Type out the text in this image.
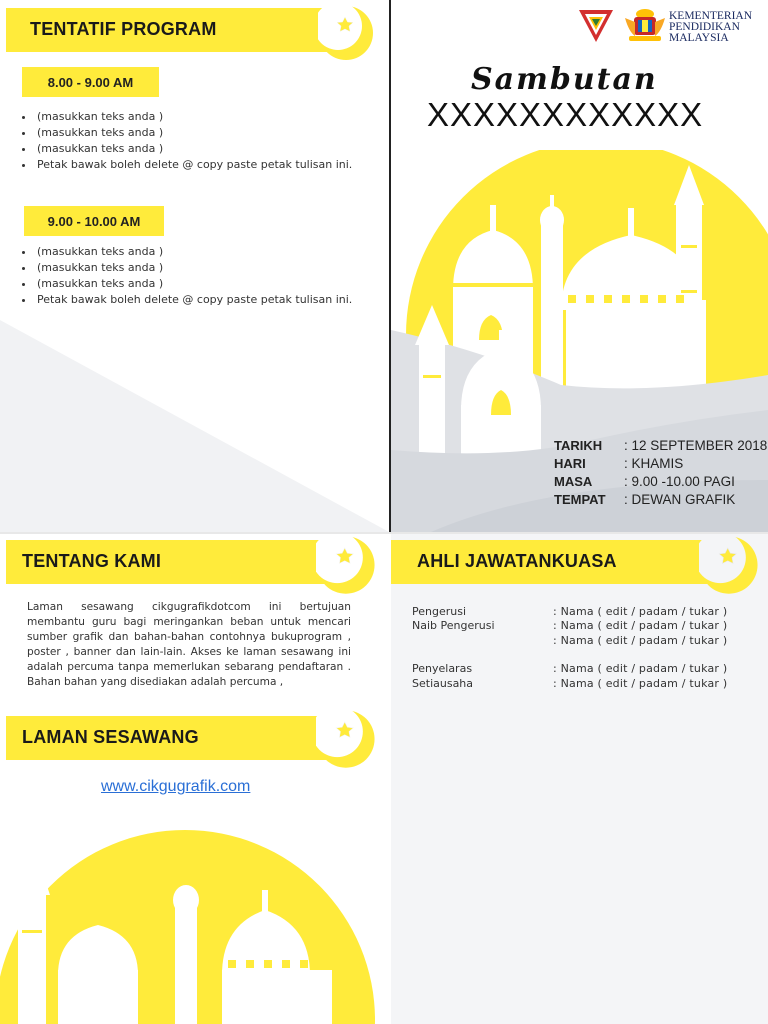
TENTATIF PROGRAM
8.00 - 9.00 AM
• (masukkan teks anda )
• (masukkan teks anda )
• (masukkan teks anda )
• Petak bawak boleh delete @ copy paste petak tulisan ini.
9.00 - 10.00 AM
• (masukkan teks anda )
• (masukkan teks anda )
• (masukkan teks anda )
• Petak bawak boleh delete @ copy paste petak tulisan ini.
KEMENTERIAN
PENDIDIKAN
MALAYSIA
Sambutan
XXXXXXXXXXXX
TARIKH	: 12 SEPTEMBER 2018
HARI	: KHAMIS
MASA	: 9.00 -10.00 PAGI
TEMPAT	: DEWAN GRAFIK
TENTANG KAMI
LAMAN SESAWANG
Laman sesawang cikgugrafikdotcom ini bertujuan membantu guru bagi meringankan beban untuk mencari sumber grafik dan bahan-bahan contohnya bukuprogram , poster , banner dan lain-lain. Akses ke laman sesawang ini adalah percuma tanpa memerlukan sebarang pendaftaran . Bahan bahan yang disediakan adalah percuma ,
www.cikgugrafik.com
AHLI JAWATANKUASA
Pengerusi	: Nama ( edit / padam / tukar )
Naib Pengerusi	: Nama ( edit / padam / tukar )
: Nama ( edit / padam / tukar )
Penyelaras	: Nama ( edit / padam / tukar )
Setiausaha	: Nama ( edit / padam / tukar )
